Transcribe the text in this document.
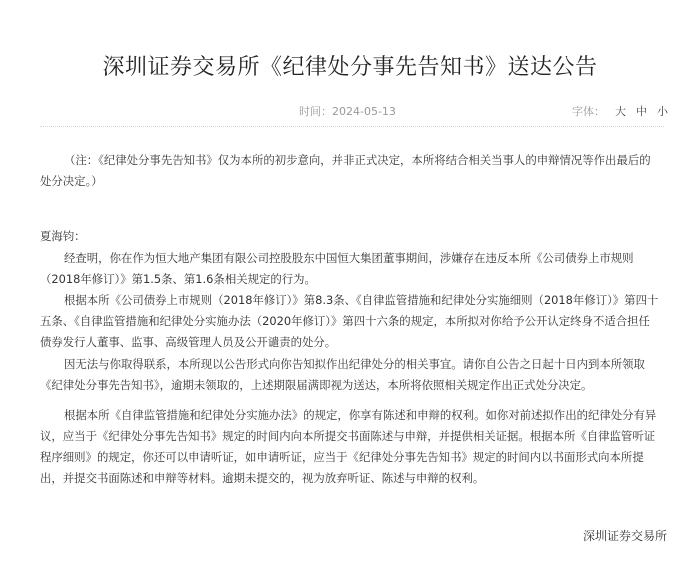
深圳证券交易所《纪律处分事先告知书》送达公告
时间：2024-05-13	字体： 大 中 小

（注：《纪律处分事先告知书》仅为本所的初步意向，并非正式决定，本所将结合相关当事人的申辩情况等作出最后的处分决定。）

夏海钧：

经查明，你在作为恒大地产集团有限公司控股股东中国恒大集团董事期间，涉嫌存在违反本所《公司债券上市规则（2018年修订）》第1.5条、第1.6条相关规定的行为。

根据本所《公司债券上市规则（2018年修订）》第8.3条、《自律监管措施和纪律处分实施细则（2018年修订）》第四十五条、《自律监管措施和纪律处分实施办法（2020年修订）》第四十六条的规定，本所拟对你给予公开认定终身不适合担任债券发行人董事、监事、高级管理人员及公开谴责的处分。

因无法与你取得联系，本所现以公告形式向你告知拟作出纪律处分的相关事宜。请你自公告之日起十日内到本所领取《纪律处分事先告知书》，逾期未领取的，上述期限届满即视为送达，本所将依照相关规定作出正式处分决定。

根据本所《自律监管措施和纪律处分实施办法》的规定，你享有陈述和申辩的权利。如你对前述拟作出的纪律处分有异议，应当于《纪律处分事先告知书》规定的时间内向本所提交书面陈述与申辩，并提供相关证据。根据本所《自律监管听证程序细则》的规定，你还可以申请听证，如申请听证，应当于《纪律处分事先告知书》规定的时间内以书面形式向本所提出，并提交书面陈述和申辩等材料。逾期未提交的，视为放弃听证、陈述与申辩的权利。

深圳证券交易所
